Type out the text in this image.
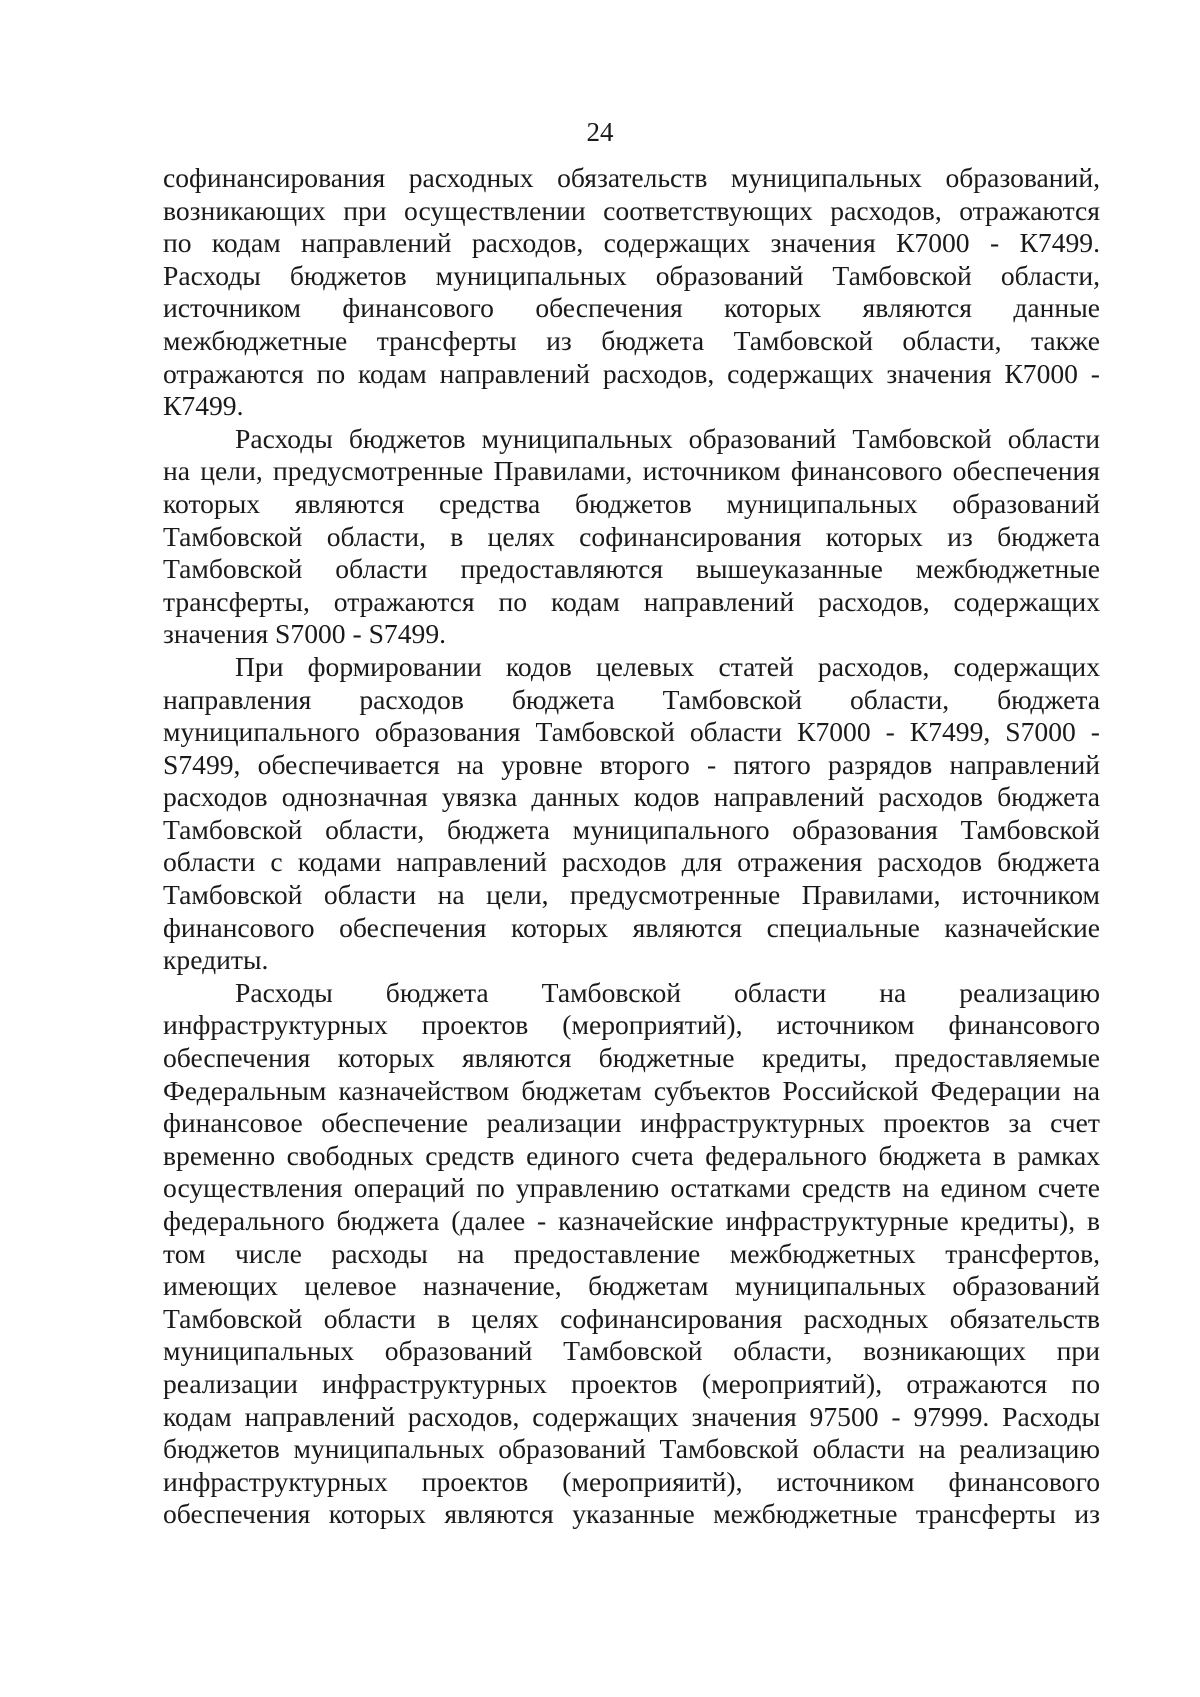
24
софинансирования расходных обязательств муниципальных образований,
возникающих при осуществлении соответствующих расходов, отражаются
по кодам направлений расходов, содержащих значения К7000 - К7499.
Расходы бюджетов муниципальных образований Тамбовской области,
источником финансового обеспечения которых являются данные
межбюджетные трансферты из бюджета Тамбовской области, также
отражаются по кодам направлений расходов, содержащих значения К7000 -
К7499.
Расходы бюджетов муниципальных образований Тамбовской области
на цели, предусмотренные Правилами, источником финансового обеспечения
которых являются средства бюджетов муниципальных образований
Тамбовской области, в целях софинансирования которых из бюджета
Тамбовской области предоставляются вышеуказанные межбюджетные
трансферты, отражаются по кодам направлений расходов, содержащих
значения S7000 - S7499.
При формировании кодов целевых статей расходов, содержащих
направления расходов бюджета Тамбовской области, бюджета
муниципального образования Тамбовской области К7000 - К7499, S7000 -
S7499, обеспечивается на уровне второго - пятого разрядов направлений
расходов однозначная увязка данных кодов направлений расходов бюджета
Тамбовской области, бюджета муниципального образования Тамбовской
области с кодами направлений расходов для отражения расходов бюджета
Тамбовской области на цели, предусмотренные Правилами, источником
финансового обеспечения которых являются специальные казначейские
кредиты.
Расходы бюджета Тамбовской области на реализацию
инфраструктурных проектов (мероприятий), источником финансового
обеспечения которых являются бюджетные кредиты, предоставляемые
Федеральным казначейством бюджетам субъектов Российской Федерации на
финансовое обеспечение реализации инфраструктурных проектов за счет
временно свободных средств единого счета федерального бюджета в рамках
осуществления операций по управлению остатками средств на едином счете
федерального бюджета (далее - казначейские инфраструктурные кредиты), в
том числе расходы на предоставление межбюджетных трансфертов,
имеющих целевое назначение, бюджетам муниципальных образований
Тамбовской области в целях софинансирования расходных обязательств
муниципальных образований Тамбовской области, возникающих при
реализации инфраструктурных проектов (мероприятий), отражаются по
кодам направлений расходов, содержащих значения 97500 - 97999. Расходы
бюджетов муниципальных образований Тамбовской области на реализацию
инфраструктурных проектов (мероприяитй), источником финансового
обеспечения которых являются указанные межбюджетные трансферты из
